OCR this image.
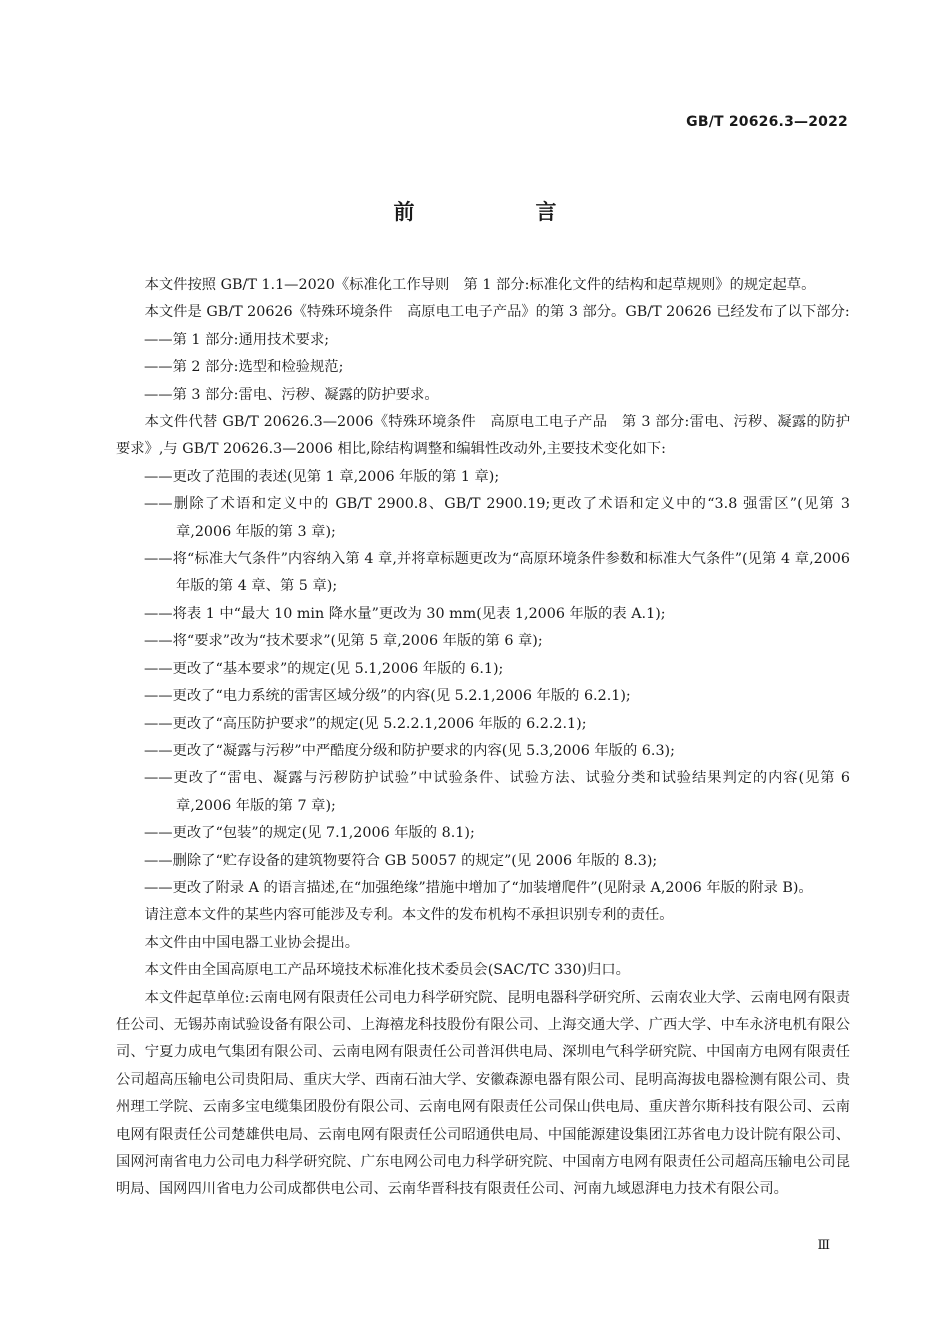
GB/T 20626.3—2022
前　言

本文件按照 GB/T 1.1—2020《标准化工作导则　第 1 部分:标准化文件的结构和起草规则》的规定起草。

本文件是 GB/T 20626《特殊环境条件　高原电工电子产品》的第 3 部分。GB/T 20626 已经发布了以下部分:

——第 1 部分:通用技术要求;

——第 2 部分:选型和检验规范;

——第 3 部分:雷电、污秽、凝露的防护要求。

本文件代替 GB/T 20626.3—2006《特殊环境条件　高原电工电子产品　第 3 部分:雷电、污秽、凝露的防护要求》,与 GB/T 20626.3—2006 相比,除结构调整和编辑性改动外,主要技术变化如下:

——更改了范围的表述(见第 1 章,2006 年版的第 1 章);

——删除了术语和定义中的 GB/T 2900.8、GB/T 2900.19;更改了术语和定义中的“3.8 强雷区”(见第 3 章,2006 年版的第 3 章);

——将“标准大气条件”内容纳入第 4 章,并将章标题更改为“高原环境条件参数和标准大气条件”(见第 4 章,2006 年版的第 4 章、第 5 章);

——将表 1 中“最大 10 min 降水量”更改为 30 mm(见表 1,2006 年版的表 A.1);

——将“要求”改为“技术要求”(见第 5 章,2006 年版的第 6 章);

——更改了“基本要求”的规定(见 5.1,2006 年版的 6.1);

——更改了“电力系统的雷害区域分级”的内容(见 5.2.1,2006 年版的 6.2.1);

——更改了“高压防护要求”的规定(见 5.2.2.1,2006 年版的 6.2.2.1);

——更改了“凝露与污秽”中严酷度分级和防护要求的内容(见 5.3,2006 年版的 6.3);

——更改了“雷电、凝露与污秽防护试验”中试验条件、试验方法、试验分类和试验结果判定的内容(见第 6 章,2006 年版的第 7 章);

——更改了“包装”的规定(见 7.1,2006 年版的 8.1);

——删除了“贮存设备的建筑物要符合 GB 50057 的规定”(见 2006 年版的 8.3);

——更改了附录 A 的语言描述,在“加强绝缘”措施中增加了“加装增爬件”(见附录 A,2006 年版的附录 B)。

请注意本文件的某些内容可能涉及专利。本文件的发布机构不承担识别专利的责任。

本文件由中国电器工业协会提出。

本文件由全国高原电工产品环境技术标准化技术委员会(SAC/TC 330)归口。

本文件起草单位:云南电网有限责任公司电力科学研究院、昆明电器科学研究所、云南农业大学、云南电网有限责任公司、无锡苏南试验设备有限公司、上海禧龙科技股份有限公司、上海交通大学、广西大学、中车永济电机有限公司、宁夏力成电气集团有限公司、云南电网有限责任公司普洱供电局、深圳电气科学研究院、中国南方电网有限责任公司超高压输电公司贵阳局、重庆大学、西南石油大学、安徽森源电器有限公司、昆明高海拔电器检测有限公司、贵州理工学院、云南多宝电缆集团股份有限公司、云南电网有限责任公司保山供电局、重庆普尔斯科技有限公司、云南电网有限责任公司楚雄供电局、云南电网有限责任公司昭通供电局、中国能源建设集团江苏省电力设计院有限公司、国网河南省电力公司电力科学研究院、广东电网公司电力科学研究院、中国南方电网有限责任公司超高压输电公司昆明局、国网四川省电力公司成都供电公司、云南华晋科技有限责任公司、河南九域恩湃电力技术有限公司。

Ⅲ
